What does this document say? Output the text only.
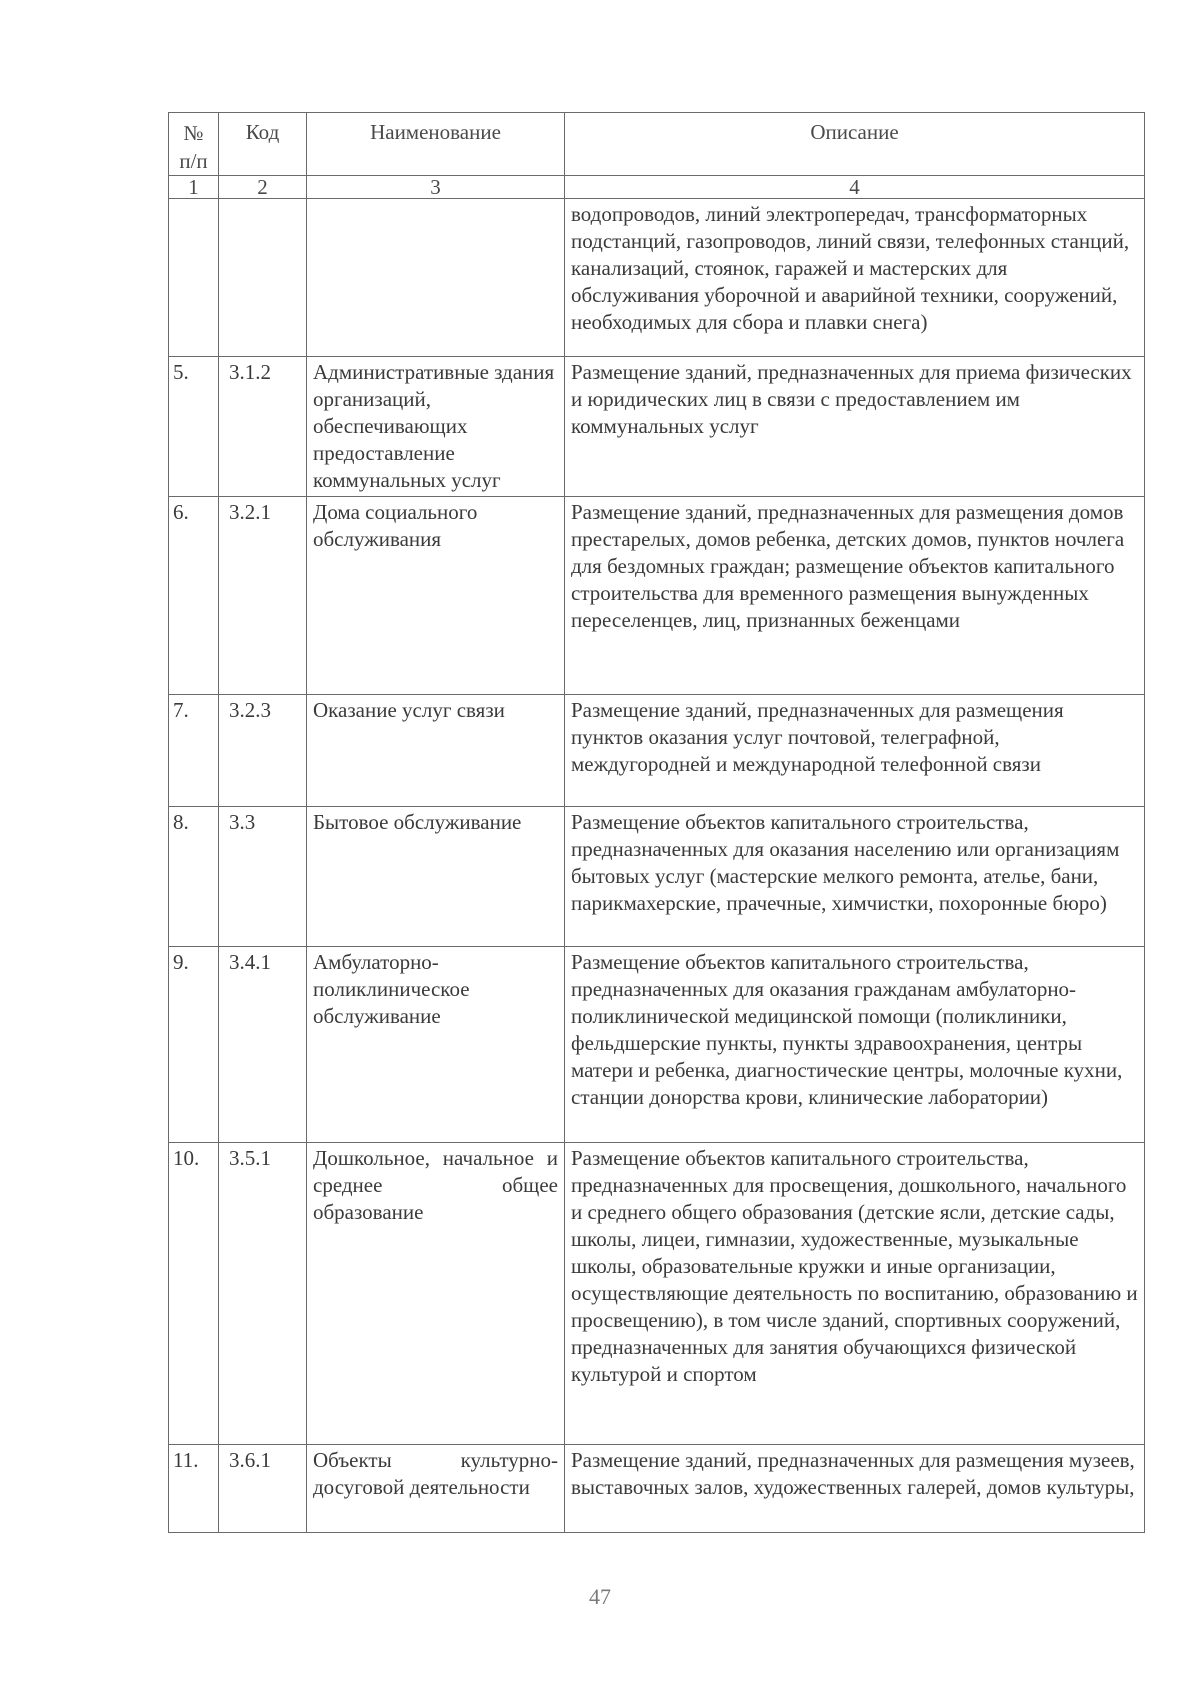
№ п/п	Код	Наименование	Описание
1	2	3	4
			водопроводов, линий электропередач, трансформаторных подстанций, газопроводов, линий связи, телефонных станций, канализаций, стоянок, гаражей и мастерских для обслуживания уборочной и аварийной техники, сооружений, необходимых для сбора и плавки снега)
5.	3.1.2	Административные здания организаций, обеспечивающих предоставление коммунальных услуг	Размещение зданий, предназначенных для приема физических и юридических лиц в связи с предоставлением им коммунальных услуг
6.	3.2.1	Дома социального обслуживания	Размещение зданий, предназначенных для размещения домов престарелых, домов ребенка, детских домов, пунктов ночлега для бездомных граждан; размещение объектов капитального строительства для временного размещения вынужденных переселенцев, лиц, признанных беженцами
7.	3.2.3	Оказание услуг связи	Размещение зданий, предназначенных для размещения пунктов оказания услуг почтовой, телеграфной, междугородней и международной телефонной связи
8.	3.3	Бытовое обслуживание	Размещение объектов капитального строительства, предназначенных для оказания населению или организациям бытовых услуг (мастерские мелкого ремонта, ателье, бани, парикмахерские, прачечные, химчистки, похоронные бюро)
9.	3.4.1	Амбулаторно-поликлиническое обслуживание	Размещение объектов капитального строительства, предназначенных для оказания гражданам амбулаторно-поликлинической медицинской помощи (поликлиники, фельдшерские пункты, пункты здравоохранения, центры матери и ребенка, диагностические центры, молочные кухни, станции донорства крови, клинические лаборатории)
10.	3.5.1	Дошкольное, начальное и среднее общее образование	Размещение объектов капитального строительства, предназначенных для просвещения, дошкольного, начального и среднего общего образования (детские ясли, детские сады, школы, лицеи, гимназии, художественные, музыкальные школы, образовательные кружки и иные организации, осуществляющие деятельность по воспитанию, образованию и просвещению), в том числе зданий, спортивных сооружений, предназначенных для занятия обучающихся физической культурой и спортом
11.	3.6.1	Объекты культурно-досуговой деятельности	Размещение зданий, предназначенных для размещения музеев, выставочных залов, художественных галерей, домов культуры,
47
